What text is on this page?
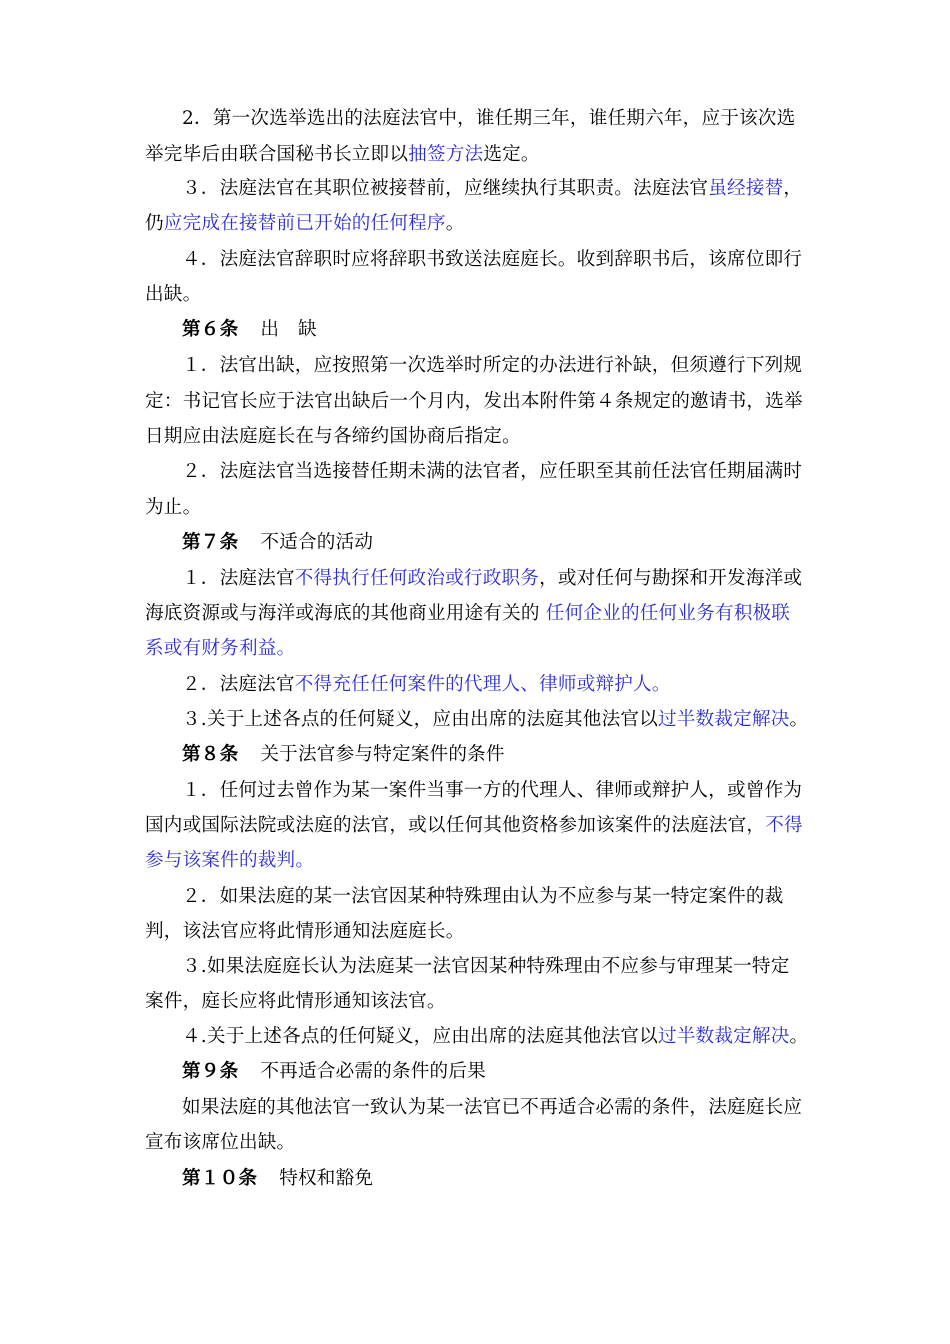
2．第一次选举选出的法庭法官中，谁任期三年，谁任期六年，应于该次选
举完毕后由联合国秘书长立即以抽签方法选定。
３．法庭法官在其职位被接替前，应继续执行其职责。法庭法官虽经接替，
仍应完成在接替前已开始的任何程序。
４．法庭法官辞职时应将辞职书致送法庭庭长。收到辞职书后，该席位即行
出缺。
第６条 出　缺
１．法官出缺，应按照第一次选举时所定的办法进行补缺，但须遵行下列规
定：书记官长应于法官出缺后一个月内，发出本附件第４条规定的邀请书，选举
日期应由法庭庭长在与各缔约国协商后指定。
２．法庭法官当选接替任期未满的法官者，应任职至其前任法官任期届满时
为止。
第７条 不适合的活动
１．法庭法官不得执行任何政治或行政职务，或对任何与勘探和开发海洋或
海底资源或与海洋或海底的其他商业用途有关的 任何企业的任何业务有积极联
系或有财务利益。
２．法庭法官不得充任任何案件的代理人、律师或辩护人。
３.关于上述各点的任何疑义，应由出席的法庭其他法官以过半数裁定解决。
第８条 关于法官参与特定案件的条件
１．任何过去曾作为某一案件当事一方的代理人、律师或辩护人，或曾作为
国内或国际法院或法庭的法官，或以任何其他资格参加该案件的法庭法官，不得
参与该案件的裁判。
２．如果法庭的某一法官因某种特殊理由认为不应参与某一特定案件的裁
判，该法官应将此情形通知法庭庭长。
３.如果法庭庭长认为法庭某一法官因某种特殊理由不应参与审理某一特定
案件，庭长应将此情形通知该法官。
４.关于上述各点的任何疑义，应由出席的法庭其他法官以过半数裁定解决。
第９条 不再适合必需的条件的后果
如果法庭的其他法官一致认为某一法官已不再适合必需的条件，法庭庭长应
宣布该席位出缺。
第１０条 特权和豁免
